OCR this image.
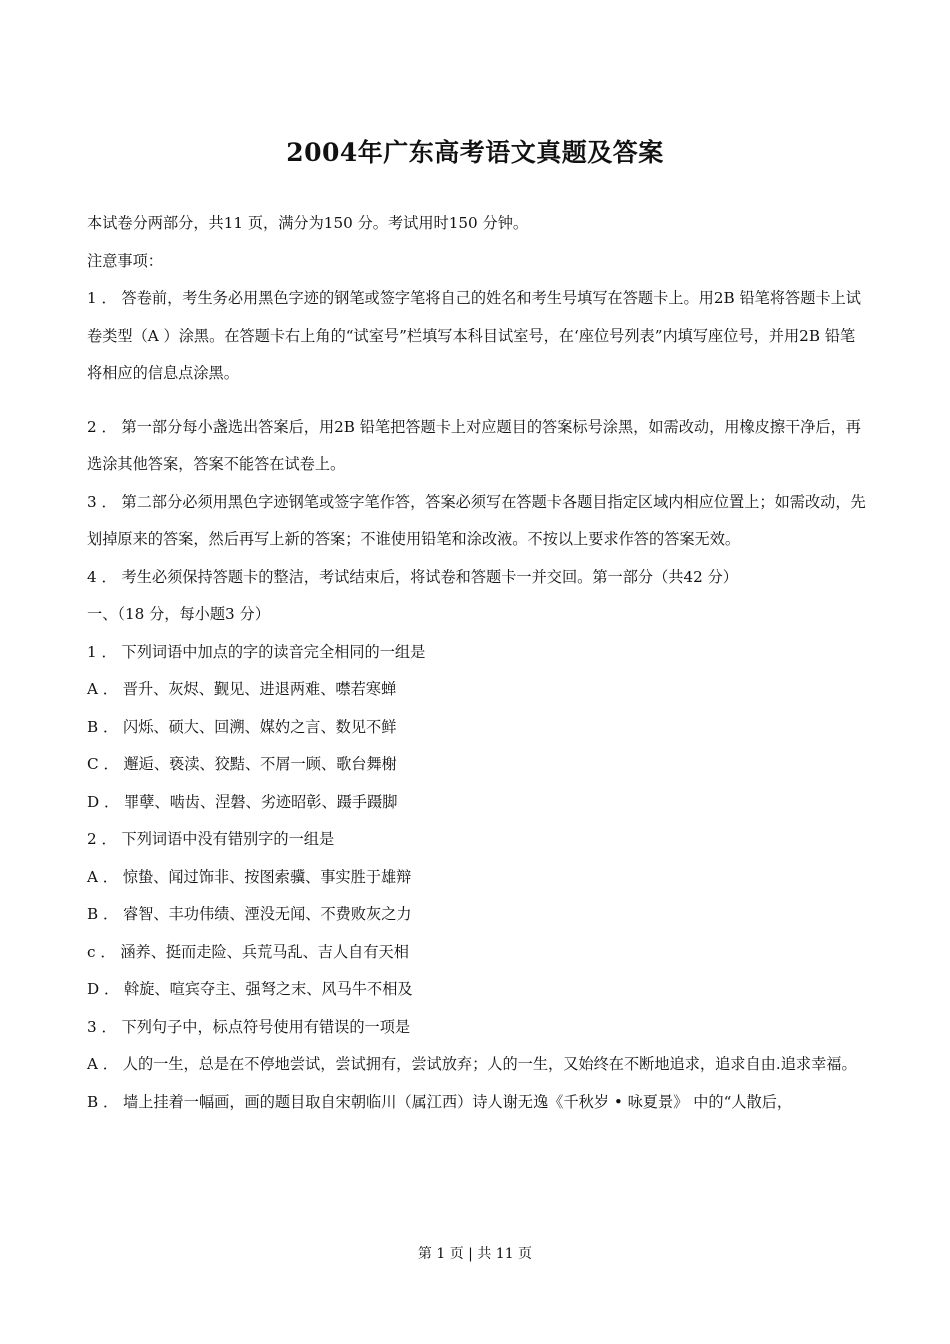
2004年广东高考语文真题及答案

本试卷分两部分，共11 页，满分为150 分。考试用时150 分钟。

注意事项：

1 ． 答卷前，考生务必用黑色字迹的钢笔或签字笔将自己的姓名和考生号填写在答题卡上。用2B 铅笔将答题卡上试卷类型（A ）涂黑。在答题卡右上角的“试室号”栏填写本科目试室号，在‘座位号列表”内填写座位号，并用2B 铅笔将相应的信息点涂黑。

2 ． 第一部分每小盏选出答案后，用2B 铅笔把答题卡上对应题目的答案标号涂黑，如需改动，用橡皮擦干净后，再选涂其他答案，答案不能答在试卷上。

3 ． 第二部分必须用黑色字迹钢笔或签字笔作答，答案必须写在答题卡各题目指定区域内相应位置上；如需改动，先划掉原来的答案，然后再写上新的答案；不谁使用铅笔和涂改液。不按以上要求作答的答案无效。

4 ． 考生必须保持答题卡的整洁，考试结束后，将试卷和答题卡一并交回。第一部分（共42 分）

一、（18 分，每小题3 分）

1 ． 下列词语中加点的字的读音完全相同的一组是

A ． 晋升、灰烬、觐见、进退两难、噤若寒蝉

B ． 闪烁、硕大、回溯、媒妁之言、数见不鲜

C ． 邂逅、亵渎、狡黠、不屑一顾、歌台舞榭

D ． 罪孽、啮齿、涅磐、劣迹昭彰、蹑手蹑脚

2 ． 下列词语中没有错别字的一组是

A ． 惊蛰、闻过饰非、按图索骥、事实胜于雄辩

B ． 睿智、丰功伟绩、湮没无闻、不费败灰之力

c ． 涵养、挺而走险、兵荒马乱、吉人自有天相

D ． 斡旋、喧宾夺主、强弩之末、风马牛不相及

3 ． 下列句子中，标点符号使用有错误的一项是

A ． 人的一生，总是在不停地尝试，尝试拥有，尝试放弃；人的一生，又始终在不断地追求，追求自由.追求幸福。

B ． 墙上挂着一幅画，画的题目取自宋朝临川（属江西）诗人谢无逸《千秋岁 • 咏夏景》 中的“人散后，

第 1 页 | 共 11 页
